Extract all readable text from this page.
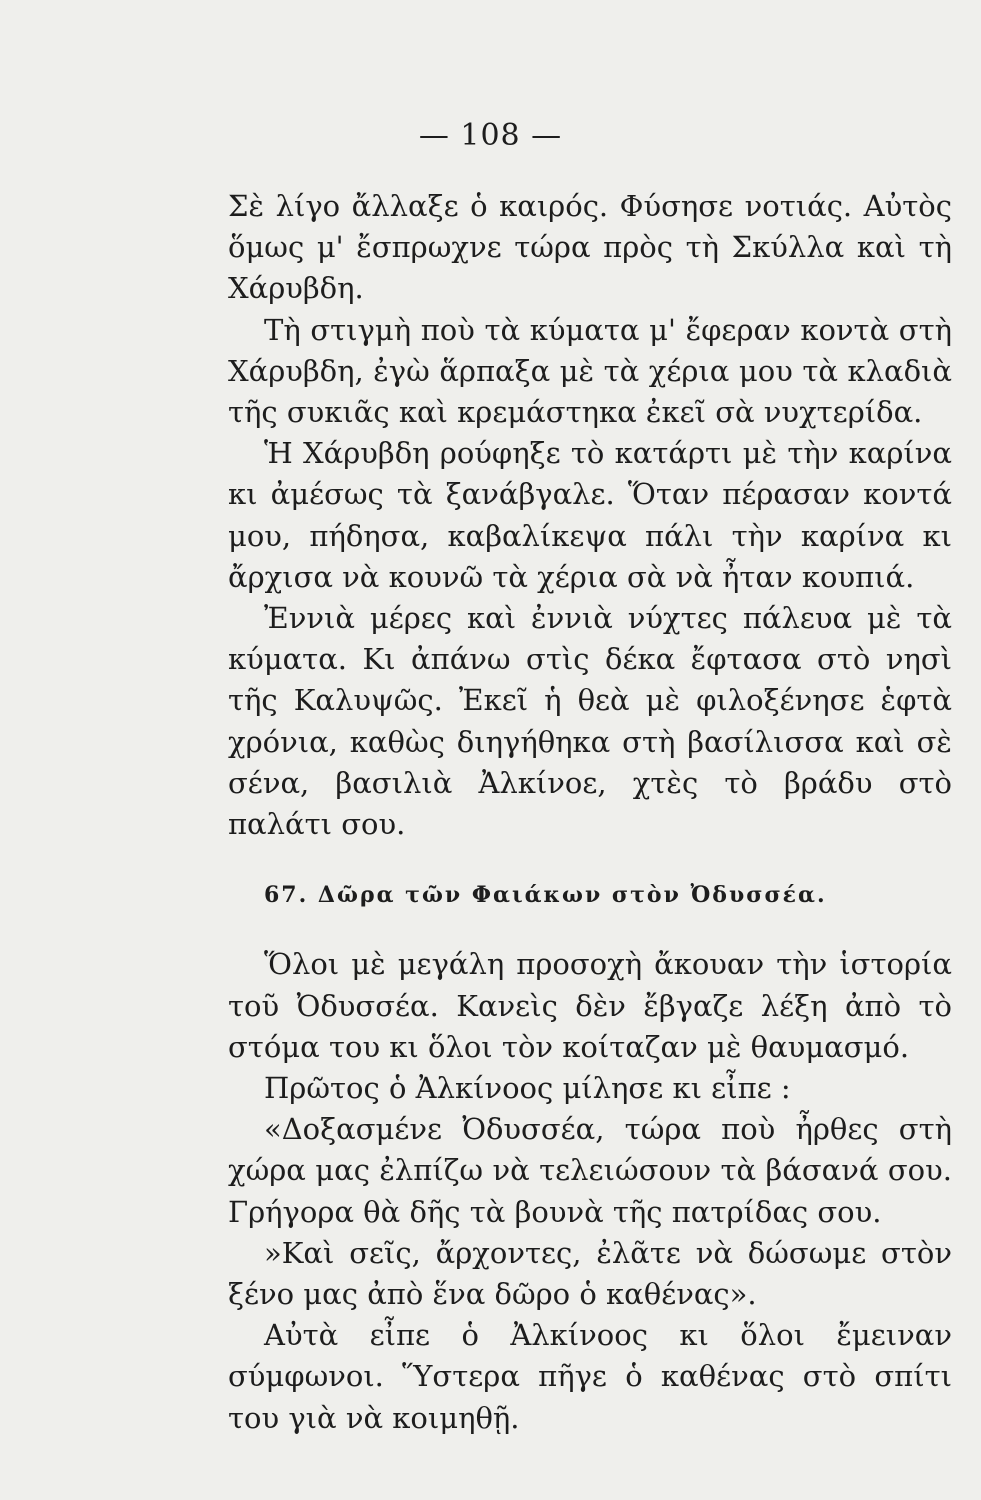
— 108 —

Σὲ λίγο ἄλλαξε ὁ καιρός. Φύσησε νοτιάς. Αὐτὸς ὅμως μ' ἔσπρωχνε τώρα πρὸς τὴ Σκύλλα καὶ τὴ Χάρυβδη.

Τὴ στιγμὴ ποὺ τὰ κύματα μ' ἔφεραν κοντὰ στὴ Χάρυβδη, ἐγὼ ἅρπαξα μὲ τὰ χέρια μου τὰ κλαδιὰ τῆς συκιᾶς καὶ κρεμάστηκα ἐκεῖ σὰ νυχτερίδα.

Ἡ Χάρυβδη ρούφηξε τὸ κατάρτι μὲ τὴν καρίνα κι ἀμέσως τὰ ξανάβγαλε. Ὅταν πέρασαν κοντά μου, πήδησα, καβαλίκεψα πάλι τὴν καρίνα κι ἄρχισα νὰ κουνῶ τὰ χέρια σὰ νὰ ἦταν κουπιά.

Ἐννιὰ μέρες καὶ ἐννιὰ νύχτες πάλευα μὲ τὰ κύματα. Κι ἀπάνω στὶς δέκα ἔφτασα στὸ νησὶ τῆς Καλυψῶς. Ἐκεῖ ἡ θεὰ μὲ φιλοξένησε ἑφτὰ χρόνια, καθὼς διηγήθηκα στὴ βασίλισσα καὶ σὲ σένα, βασιλιὰ Ἀλκίνοε, χτὲς τὸ βράδυ στὸ παλάτι σου.

67. Δῶρα τῶν Φαιάκων στὸν Ὀδυσσέα.

Ὅλοι μὲ μεγάλη προσοχὴ ἄκουαν τὴν ἱστορία τοῦ Ὀδυσσέα. Κανεὶς δὲν ἔβγαζε λέξη ἀπὸ τὸ στόμα του κι ὅλοι τὸν κοίταζαν μὲ θαυμασμό.

Πρῶτος ὁ Ἀλκίνοος μίλησε κι εἶπε :

«Δοξασμένε Ὀδυσσέα, τώρα ποὺ ἦρθες στὴ χώρα μας ἐλπίζω νὰ τελειώσουν τὰ βάσανά σου. Γρήγορα θὰ δῆς τὰ βουνὰ τῆς πατρίδας σου.

»Καὶ σεῖς, ἄρχοντες, ἐλᾶτε νὰ δώσωμε στὸν ξένο μας ἀπὸ ἕνα δῶρο ὁ καθένας».

Αὐτὰ εἶπε ὁ Ἀλκίνοος κι ὅλοι ἔμειναν σύμφωνοι. Ὕστερα πῆγε ὁ καθένας στὸ σπίτι του γιὰ νὰ κοιμηθῇ.
